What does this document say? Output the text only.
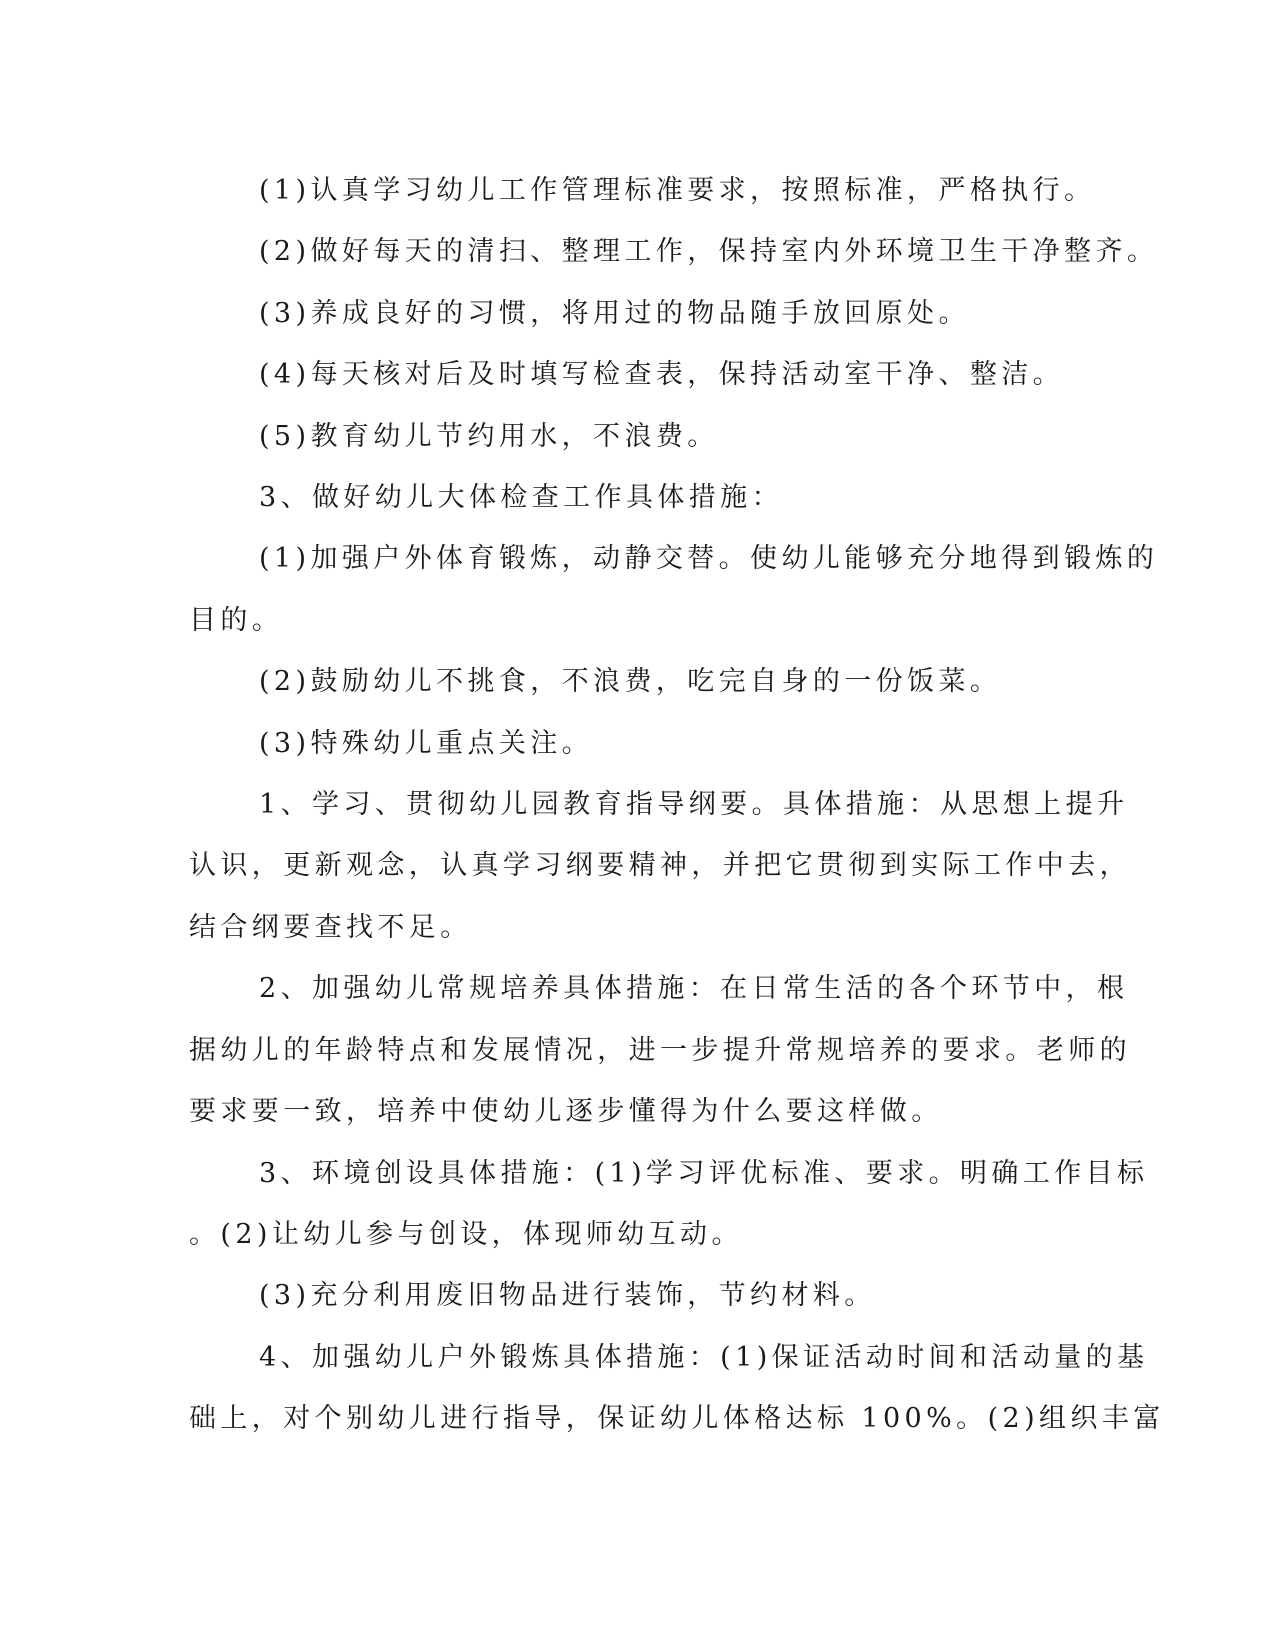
(1)认真学习幼儿工作管理标准要求，按照标准，严格执行。
(2)做好每天的清扫、整理工作，保持室内外环境卫生干净整齐。
(3)养成良好的习惯，将用过的物品随手放回原处。
(4)每天核对后及时填写检查表，保持活动室干净、整洁。
(5)教育幼儿节约用水，不浪费。
3、做好幼儿大体检查工作具体措施：
(1)加强户外体育锻炼，动静交替。使幼儿能够充分地得到锻炼的
目的。
(2)鼓励幼儿不挑食，不浪费，吃完自身的一份饭菜。
(3)特殊幼儿重点关注。
1、学习、贯彻幼儿园教育指导纲要。具体措施：从思想上提升
认识，更新观念，认真学习纲要精神，并把它贯彻到实际工作中去，
结合纲要查找不足。
2、加强幼儿常规培养具体措施：在日常生活的各个环节中，根
据幼儿的年龄特点和发展情况，进一步提升常规培养的要求。老师的
要求要一致，培养中使幼儿逐步懂得为什么要这样做。
3、环境创设具体措施：(1)学习评优标准、要求。明确工作目标
。(2)让幼儿参与创设，体现师幼互动。
(3)充分利用废旧物品进行装饰，节约材料。
4、加强幼儿户外锻炼具体措施：(1)保证活动时间和活动量的基
础上，对个别幼儿进行指导，保证幼儿体格达标 100%。(2)组织丰富
